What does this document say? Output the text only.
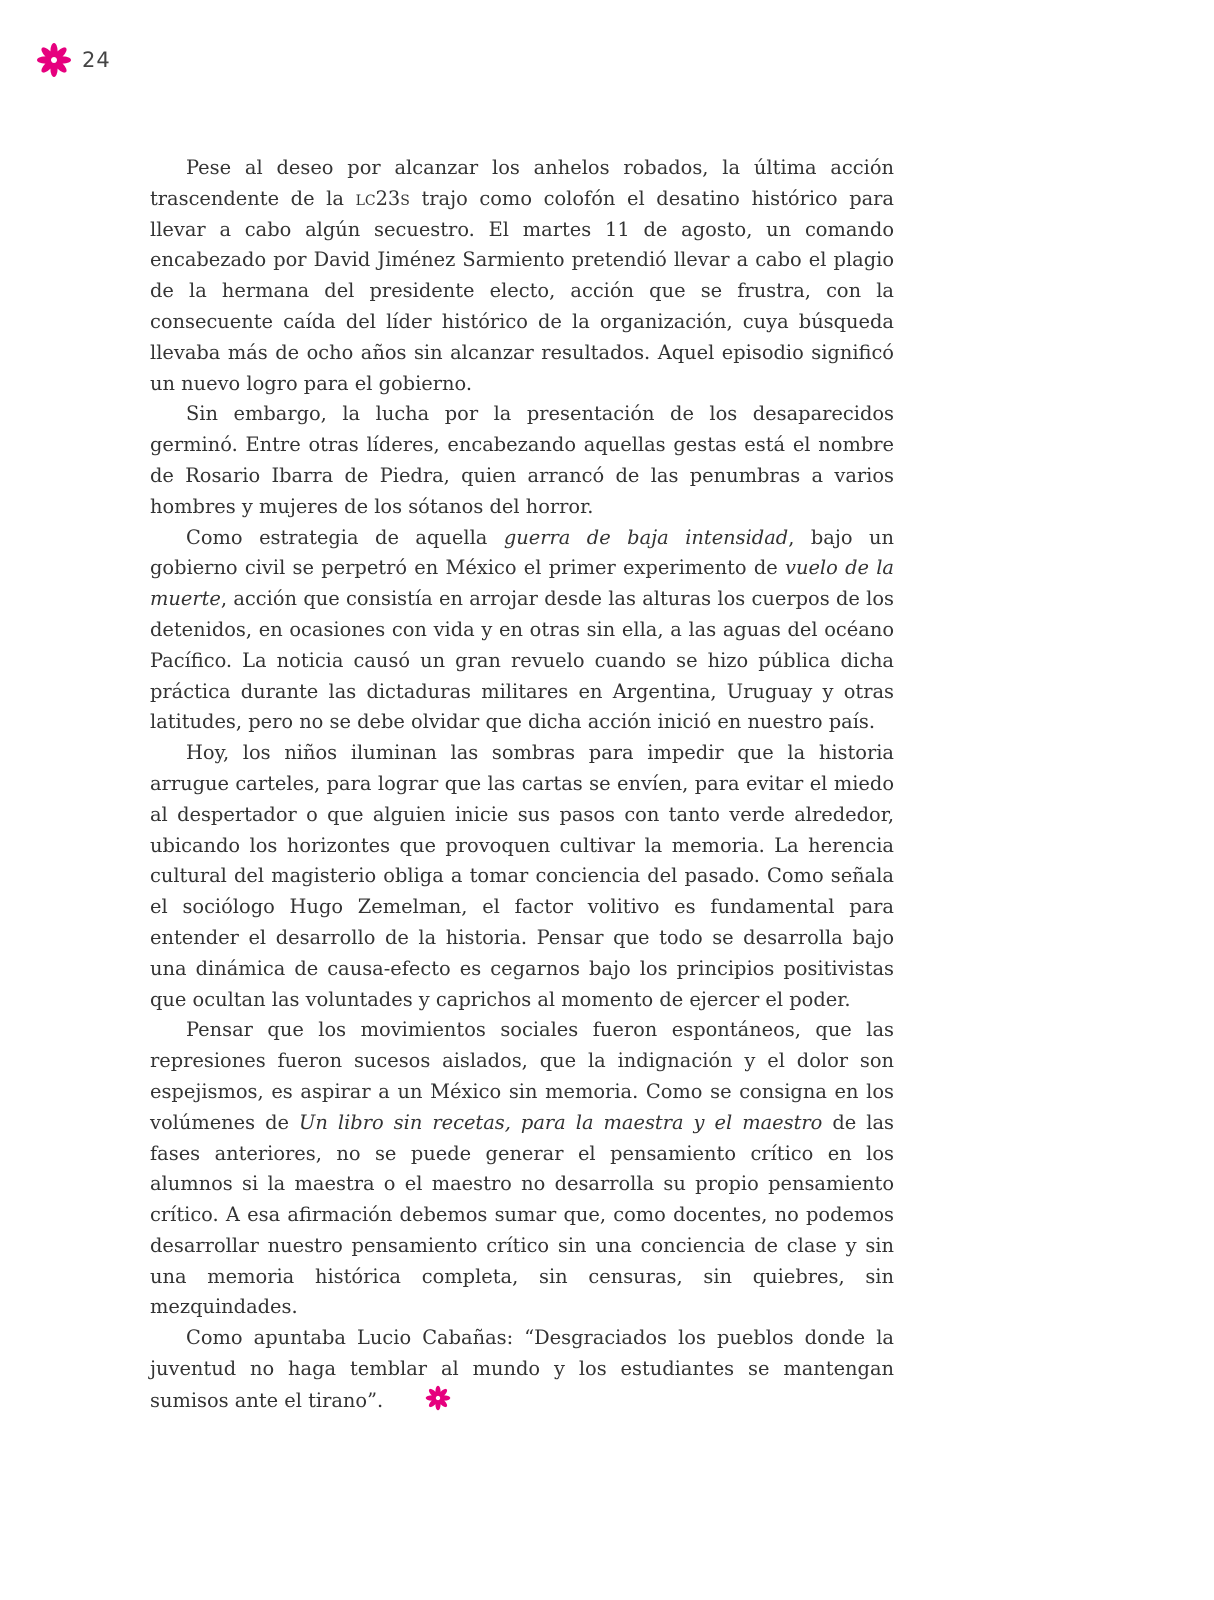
24

Pese al deseo por alcanzar los anhelos robados, la última acción trascendente de la lc23s trajo como colofón el desatino histórico para llevar a cabo algún secuestro. El martes 11 de agosto, un comando encabezado por David Jiménez Sarmiento pretendió llevar a cabo el plagio de la hermana del presidente electo, acción que se frustra, con la consecuente caída del líder histórico de la organización, cuya búsqueda llevaba más de ocho años sin alcanzar resultados. Aquel episodio significó un nuevo logro para el gobierno.

Sin embargo, la lucha por la presentación de los desaparecidos germinó. Entre otras líderes, encabezando aquellas gestas está el nombre de Rosario Ibarra de Piedra, quien arrancó de las penumbras a varios hombres y mujeres de los sótanos del horror.

Como estrategia de aquella guerra de baja intensidad, bajo un gobierno civil se perpetró en México el primer experimento de vuelo de la muerte, acción que consistía en arrojar desde las alturas los cuerpos de los detenidos, en ocasiones con vida y en otras sin ella, a las aguas del océano Pacífico. La noticia causó un gran revuelo cuando se hizo pública dicha práctica durante las dictaduras militares en Argentina, Uruguay y otras latitudes, pero no se debe olvidar que dicha acción inició en nuestro país.

Hoy, los niños iluminan las sombras para impedir que la historia arrugue carteles, para lograr que las cartas se envíen, para evitar el miedo al despertador o que alguien inicie sus pasos con tanto verde alrededor, ubicando los horizontes que provoquen cultivar la memoria. La herencia cultural del magisterio obliga a tomar conciencia del pasado. Como señala el sociólogo Hugo Zemelman, el factor volitivo es fundamental para entender el desarrollo de la historia. Pensar que todo se desarrolla bajo una dinámica de causa-efecto es cegarnos bajo los principios positivistas que ocultan las voluntades y caprichos al momento de ejercer el poder.

Pensar que los movimientos sociales fueron espontáneos, que las represiones fueron sucesos aislados, que la indignación y el dolor son espejismos, es aspirar a un México sin memoria. Como se consigna en los volúmenes de Un libro sin recetas, para la maestra y el maestro de las fases anteriores, no se puede generar el pensamiento crítico en los alumnos si la maestra o el maestro no desarrolla su propio pensamiento crítico. A esa afirmación debemos sumar que, como docentes, no podemos desarrollar nuestro pensamiento crítico sin una conciencia de clase y sin una memoria histórica completa, sin censuras, sin quiebres, sin mezquindades.

Como apuntaba Lucio Cabañas: “Desgraciados los pueblos donde la juventud no haga temblar al mundo y los estudiantes se mantengan sumisos ante el tirano”.
